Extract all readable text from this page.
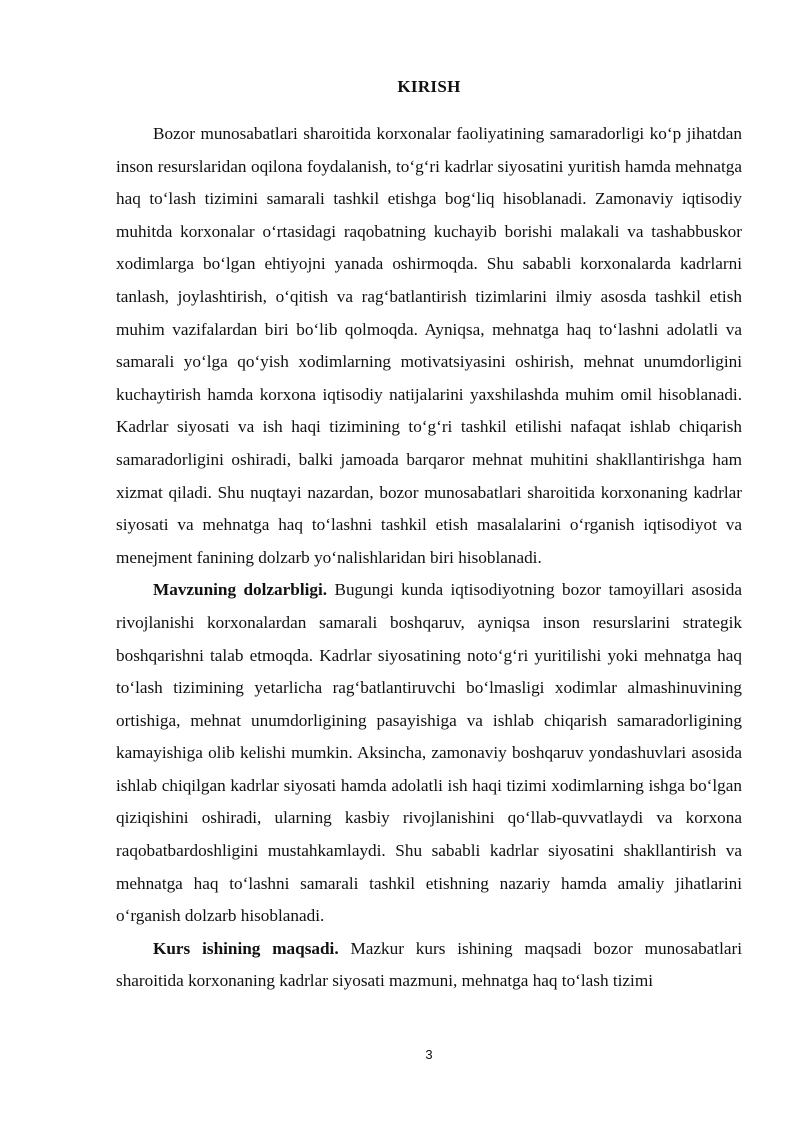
KIRISH

Bozor munosabatlari sharoitida korxonalar faoliyatining samaradorligi ko‘p jihatdan inson resurslaridan oqilona foydalanish, to‘g‘ri kadrlar siyosatini yuritish hamda mehnatga haq to‘lash tizimini samarali tashkil etishga bog‘liq hisoblanadi. Zamonaviy iqtisodiy muhitda korxonalar o‘rtasidagi raqobatning kuchayib borishi malakali va tashabbuskor xodimlarga bo‘lgan ehtiyojni yanada oshirmoqda. Shu sababli korxonalarda kadrlarni tanlash, joylashtirish, o‘qitish va rag‘batlantirish tizimlarini ilmiy asosda tashkil etish muhim vazifalardan biri bo‘lib qolmoqda. Ayniqsa, mehnatga haq to‘lashni adolatli va samarali yo‘lga qo‘yish xodimlarning motivatsiyasini oshirish, mehnat unumdorligini kuchaytirish hamda korxona iqtisodiy natijalarini yaxshilashda muhim omil hisoblanadi. Kadrlar siyosati va ish haqi tizimining to‘g‘ri tashkil etilishi nafaqat ishlab chiqarish samaradorligini oshiradi, balki jamoada barqaror mehnat muhitini shakllantirishga ham xizmat qiladi. Shu nuqtayi nazardan, bozor munosabatlari sharoitida korxonaning kadrlar siyosati va mehnatga haq to‘lashni tashkil etish masalalarini o‘rganish iqtisodiyot va menejment fanining dolzarb yo‘nalishlaridan biri hisoblanadi.

Mavzuning dolzarbligi. Bugungi kunda iqtisodiyotning bozor tamoyillari asosida rivojlanishi korxonalardan samarali boshqaruv, ayniqsa inson resurslarini strategik boshqarishni talab etmoqda. Kadrlar siyosatining noto‘g‘ri yuritilishi yoki mehnatga haq to‘lash tizimining yetarlicha rag‘batlantiruvchi bo‘lmasligi xodimlar almashinuvining ortishiga, mehnat unumdorligining pasayishiga va ishlab chiqarish samaradorligining kamayishiga olib kelishi mumkin. Aksincha, zamonaviy boshqaruv yondashuvlari asosida ishlab chiqilgan kadrlar siyosati hamda adolatli ish haqi tizimi xodimlarning ishga bo‘lgan qiziqishini oshiradi, ularning kasbiy rivojlanishini qo‘llab-quvvatlaydi va korxona raqobatbardoshligini mustahkamlaydi. Shu sababli kadrlar siyosatini shakllantirish va mehnatga haq to‘lashni samarali tashkil etishning nazariy hamda amaliy jihatlarini o‘rganish dolzarb hisoblanadi.

Kurs ishining maqsadi. Mazkur kurs ishining maqsadi bozor munosabatlari sharoitida korxonaning kadrlar siyosati mazmuni, mehnatga haq to‘lash tizimi

3
